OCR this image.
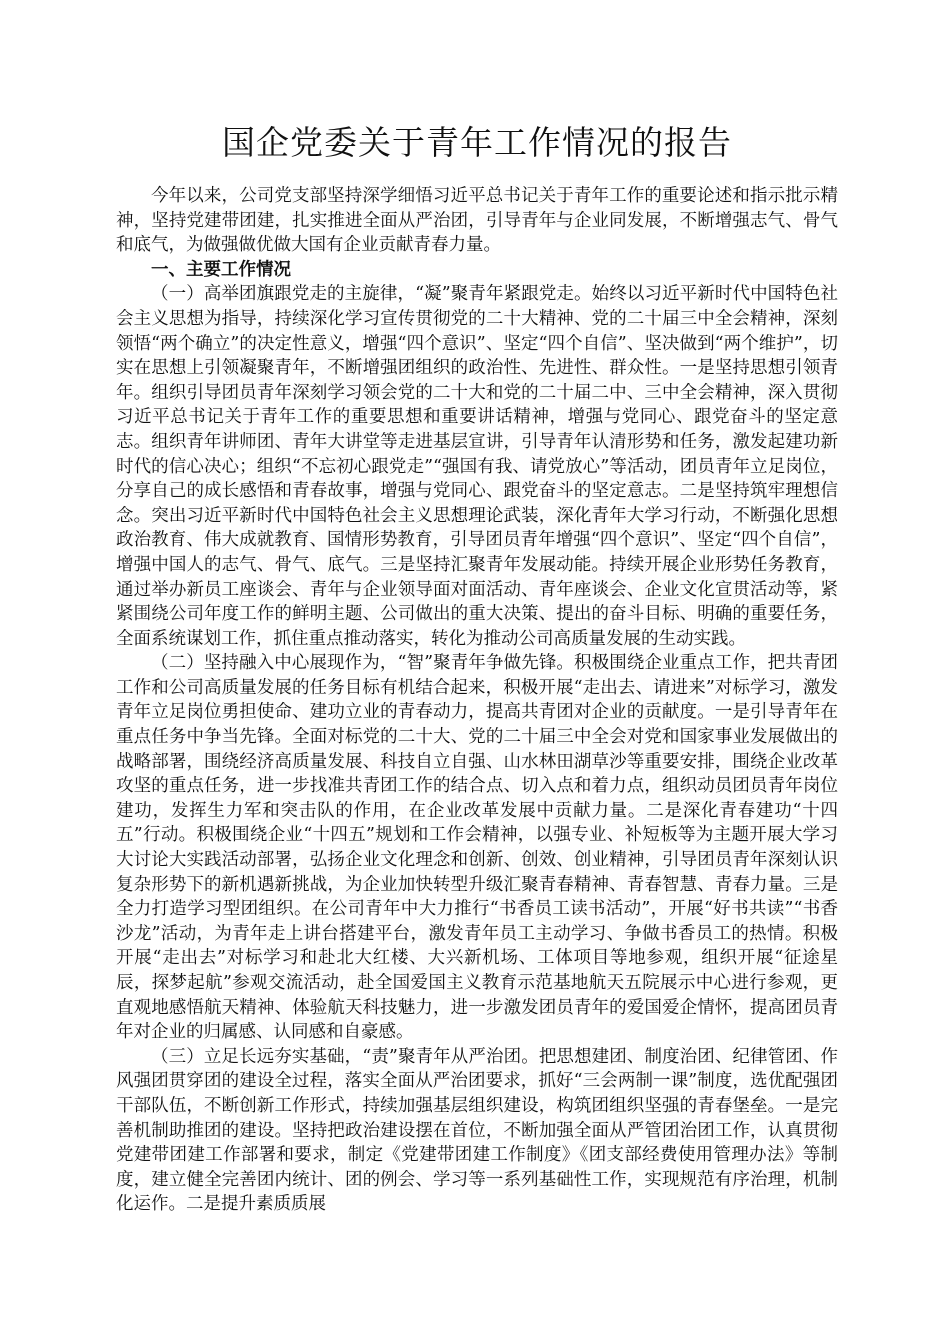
国企党委关于青年工作情况的报告

今年以来，公司党支部坚持深学细悟习近平总书记关于青年工作的重要论述和指示批示精神，坚持党建带团建，扎实推进全面从严治团，引导青年与企业同发展，不断增强志气、骨气和底气，为做强做优做大国有企业贡献青春力量。

一、主要工作情况

（一）高举团旗跟党走的主旋律，“凝”聚青年紧跟党走。始终以习近平新时代中国特色社会主义思想为指导，持续深化学习宣传贯彻党的二十大精神、党的二十届三中全会精神，深刻领悟“两个确立”的决定性意义，增强“四个意识”、坚定“四个自信”、坚决做到“两个维护”，切实在思想上引领凝聚青年，不断增强团组织的政治性、先进性、群众性。一是坚持思想引领青年。组织引导团员青年深刻学习领会党的二十大和党的二十届二中、三中全会精神，深入贯彻习近平总书记关于青年工作的重要思想和重要讲话精神，增强与党同心、跟党奋斗的坚定意志。组织青年讲师团、青年大讲堂等走进基层宣讲，引导青年认清形势和任务，激发起建功新时代的信心决心；组织“不忘初心跟党走”“强国有我、请党放心”等活动，团员青年立足岗位，分享自己的成长感悟和青春故事，增强与党同心、跟党奋斗的坚定意志。二是坚持筑牢理想信念。突出习近平新时代中国特色社会主义思想理论武装，深化青年大学习行动，不断强化思想政治教育、伟大成就教育、国情形势教育，引导团员青年增强“四个意识”、坚定“四个自信”，增强中国人的志气、骨气、底气。三是坚持汇聚青年发展动能。持续开展企业形势任务教育，通过举办新员工座谈会、青年与企业领导面对面活动、青年座谈会、企业文化宣贯活动等，紧紧围绕公司年度工作的鲜明主题、公司做出的重大决策、提出的奋斗目标、明确的重要任务，全面系统谋划工作，抓住重点推动落实，转化为推动公司高质量发展的生动实践。

（二）坚持融入中心展现作为，“智”聚青年争做先锋。积极围绕企业重点工作，把共青团工作和公司高质量发展的任务目标有机结合起来，积极开展“走出去、请进来”对标学习，激发青年立足岗位勇担使命、建功立业的青春动力，提高共青团对企业的贡献度。一是引导青年在重点任务中争当先锋。全面对标党的二十大、党的二十届三中全会对党和国家事业发展做出的战略部署，围绕经济高质量发展、科技自立自强、山水林田湖草沙等重要安排，围绕企业改革攻坚的重点任务，进一步找准共青团工作的结合点、切入点和着力点，组织动员团员青年岗位建功，发挥生力军和突击队的作用，在企业改革发展中贡献力量。二是深化青春建功“十四五”行动。积极围绕企业“十四五”规划和工作会精神，以强专业、补短板等为主题开展大学习大讨论大实践活动部署，弘扬企业文化理念和创新、创效、创业精神，引导团员青年深刻认识复杂形势下的新机遇新挑战，为企业加快转型升级汇聚青春精神、青春智慧、青春力量。三是全力打造学习型团组织。在公司青年中大力推行“书香员工读书活动”，开展“好书共读”“书香沙龙”活动，为青年走上讲台搭建平台，激发青年员工主动学习、争做书香员工的热情。积极开展“走出去”对标学习和赴北大红楼、大兴新机场、工体项目等地参观，组织开展“征途星辰，探梦起航”参观交流活动，赴全国爱国主义教育示范基地航天五院展示中心进行参观，更直观地感悟航天精神、体验航天科技魅力，进一步激发团员青年的爱国爱企情怀，提高团员青年对企业的归属感、认同感和自豪感。

（三）立足长远夯实基础，“责”聚青年从严治团。把思想建团、制度治团、纪律管团、作风强团贯穿团的建设全过程，落实全面从严治团要求，抓好“三会两制一课”制度，选优配强团干部队伍，不断创新工作形式，持续加强基层组织建设，构筑团组织坚强的青春堡垒。一是完善机制助推团的建设。坚持把政治建设摆在首位，不断加强全面从严管团治团工作，认真贯彻党建带团建工作部署和要求，制定《党建带团建工作制度》《团支部经费使用管理办法》等制度，建立健全完善团内统计、团的例会、学习等一系列基础性工作，实现规范有序治理，机制化运作。二是提升素质质展
